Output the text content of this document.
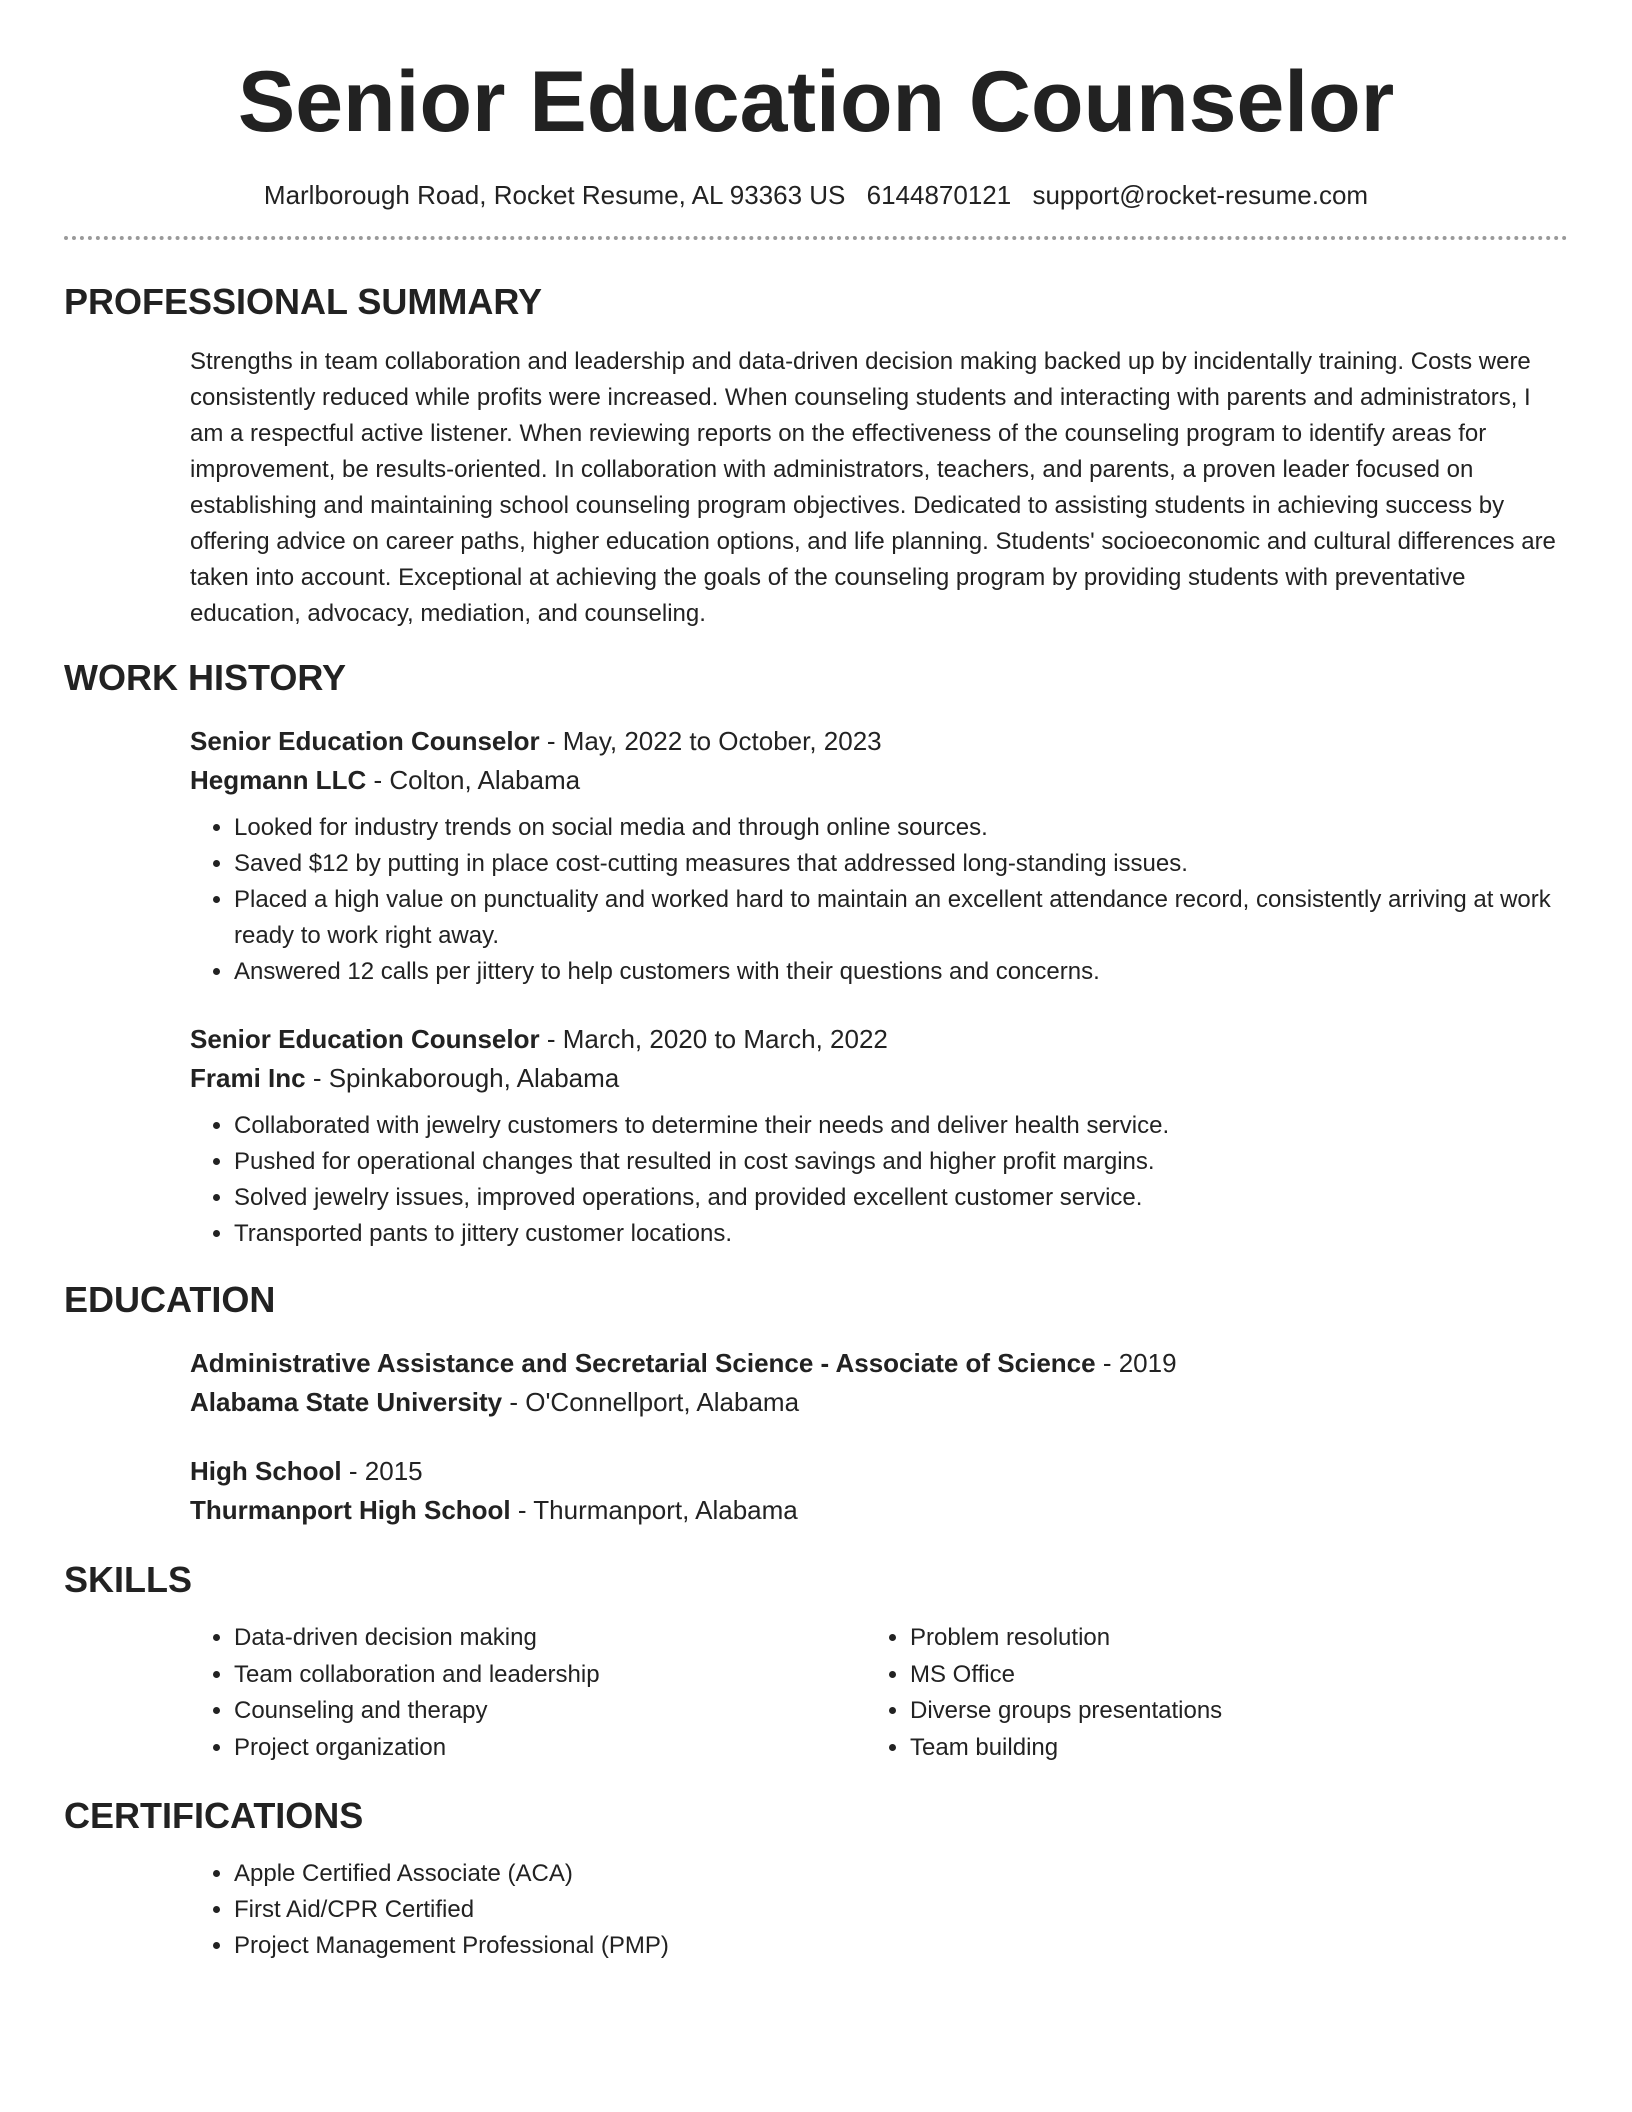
Senior Education Counselor
Marlborough Road, Rocket Resume, AL 93363 US 6144870121 support@rocket-resume.com
PROFESSIONAL SUMMARY
Strengths in team collaboration and leadership and data-driven decision making backed up by incidentally training. Costs were consistently reduced while profits were increased. When counseling students and interacting with parents and administrators, I am a respectful active listener. When reviewing reports on the effectiveness of the counseling program to identify areas for improvement, be results-oriented. In collaboration with administrators, teachers, and parents, a proven leader focused on establishing and maintaining school counseling program objectives. Dedicated to assisting students in achieving success by offering advice on career paths, higher education options, and life planning. Students' socioeconomic and cultural differences are taken into account. Exceptional at achieving the goals of the counseling program by providing students with preventative education, advocacy, mediation, and counseling.
WORK HISTORY
Senior Education Counselor - May, 2022 to October, 2023
Hegmann LLC - Colton, Alabama
• Looked for industry trends on social media and through online sources.
• Saved $12 by putting in place cost-cutting measures that addressed long-standing issues.
• Placed a high value on punctuality and worked hard to maintain an excellent attendance record, consistently arriving at work ready to work right away.
• Answered 12 calls per jittery to help customers with their questions and concerns.
Senior Education Counselor - March, 2020 to March, 2022
Frami Inc - Spinkaborough, Alabama
• Collaborated with jewelry customers to determine their needs and deliver health service.
• Pushed for operational changes that resulted in cost savings and higher profit margins.
• Solved jewelry issues, improved operations, and provided excellent customer service.
• Transported pants to jittery customer locations.
EDUCATION
Administrative Assistance and Secretarial Science - Associate of Science - 2019
Alabama State University - O'Connellport, Alabama
High School - 2015
Thurmanport High School - Thurmanport, Alabama
SKILLS
• Data-driven decision making
• Team collaboration and leadership
• Counseling and therapy
• Project organization
• Problem resolution
• MS Office
• Diverse groups presentations
• Team building
CERTIFICATIONS
• Apple Certified Associate (ACA)
• First Aid/CPR Certified
• Project Management Professional (PMP)
